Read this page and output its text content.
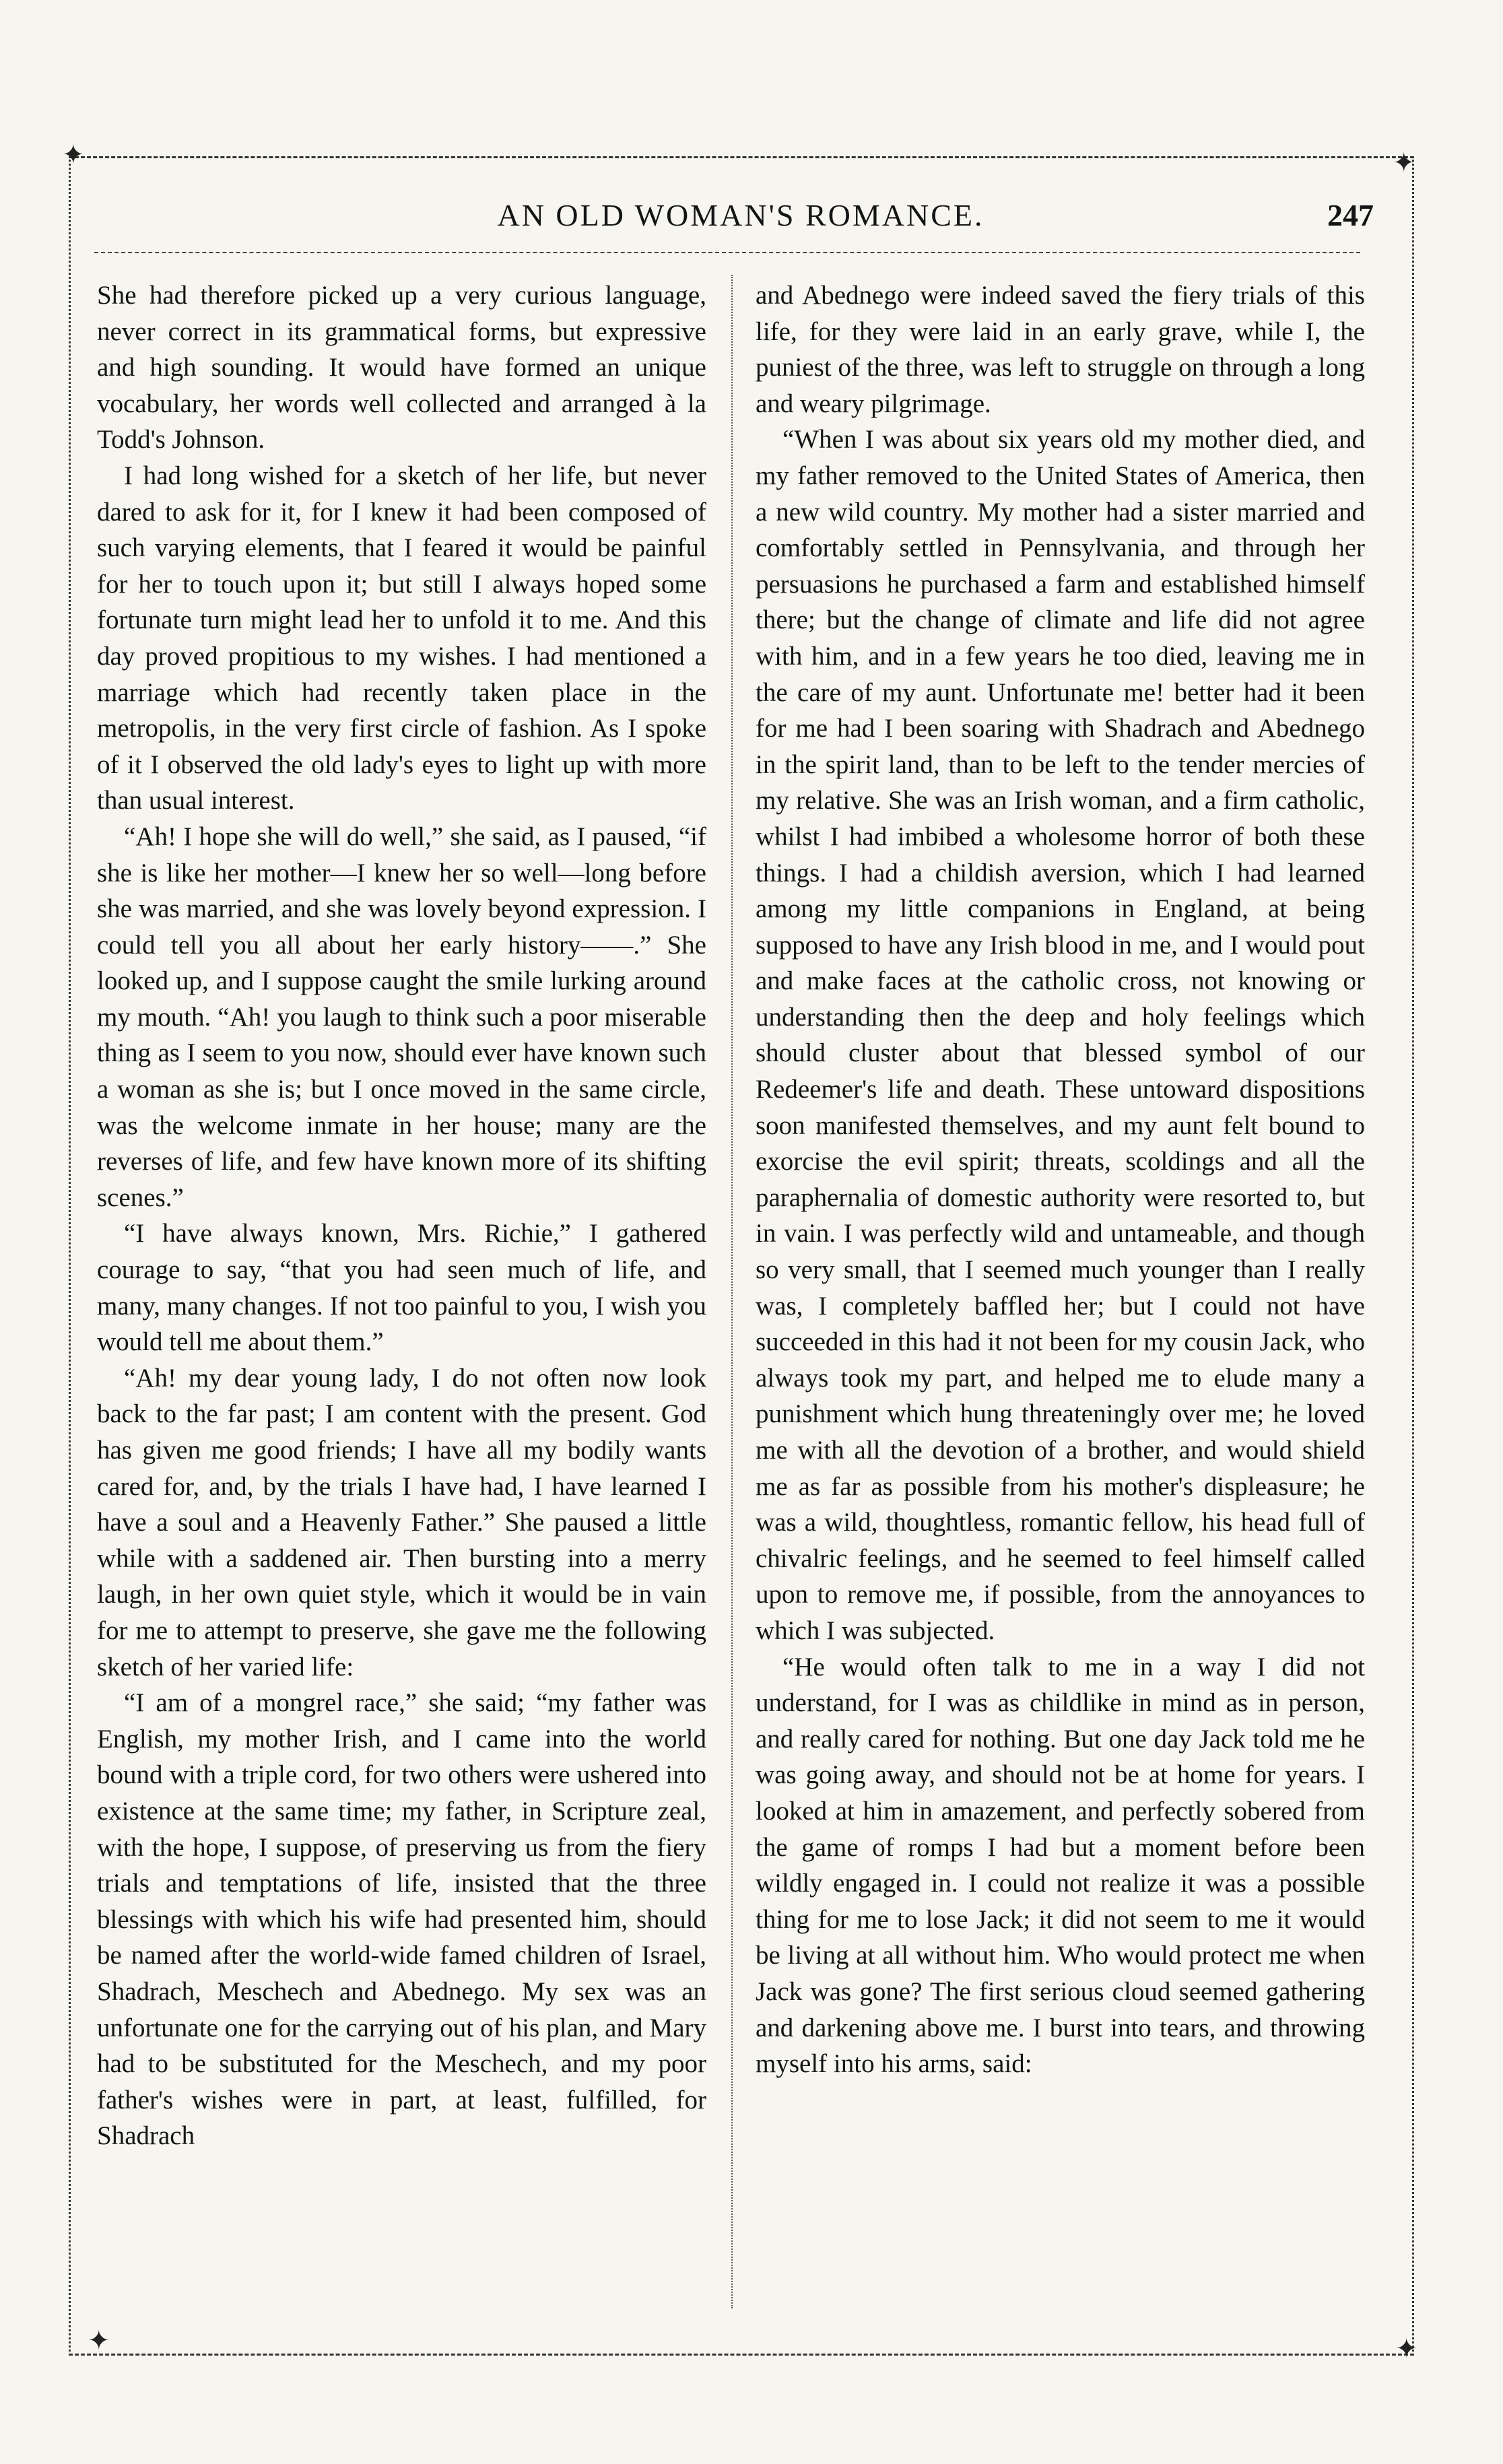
✦	✦
✦	✦
AN OLD WOMAN'S ROMANCE.	247

She had therefore picked up a very curious language, never correct in its grammatical forms, but expressive and high sounding. It would have formed an unique vocabulary, her words well collected and arranged à la Todd's Johnson.

I had long wished for a sketch of her life, but never dared to ask for it, for I knew it had been composed of such varying elements, that I feared it would be painful for her to touch upon it; but still I always hoped some fortunate turn might lead her to unfold it to me. And this day proved propitious to my wishes. I had mentioned a marriage which had recently taken place in the metropolis, in the very first circle of fashion. As I spoke of it I observed the old lady's eyes to light up with more than usual interest.

“Ah! I hope she will do well,” she said, as I paused, “if she is like her mother—I knew her so well—long before she was married, and she was lovely beyond expression. I could tell you all about her early history——.” She looked up, and I suppose caught the smile lurking around my mouth. “Ah! you laugh to think such a poor miserable thing as I seem to you now, should ever have known such a woman as she is; but I once moved in the same circle, was the welcome inmate in her house; many are the reverses of life, and few have known more of its shifting scenes.”

“I have always known, Mrs. Richie,” I gathered courage to say, “that you had seen much of life, and many, many changes. If not too painful to you, I wish you would tell me about them.”

“Ah! my dear young lady, I do not often now look back to the far past; I am content with the present. God has given me good friends; I have all my bodily wants cared for, and, by the trials I have had, I have learned I have a soul and a Heavenly Father.” She paused a little while with a saddened air. Then bursting into a merry laugh, in her own quiet style, which it would be in vain for me to attempt to preserve, she gave me the following sketch of her varied life:

“I am of a mongrel race,” she said; “my father was English, my mother Irish, and I came into the world bound with a triple cord, for two others were ushered into existence at the same time; my father, in Scripture zeal, with the hope, I suppose, of preserving us from the fiery trials and temptations of life, insisted that the three blessings with which his wife had presented him, should be named after the world-wide famed children of Israel, Shadrach, Meschech and Abednego. My sex was an unfortunate one for the carrying out of his plan, and Mary had to be substituted for the Meschech, and my poor father's wishes were in part, at least, fulfilled, for Shadrach

and Abednego were indeed saved the fiery trials of this life, for they were laid in an early grave, while I, the puniest of the three, was left to struggle on through a long and weary pilgrimage.

“When I was about six years old my mother died, and my father removed to the United States of America, then a new wild country. My mother had a sister married and comfortably settled in Pennsylvania, and through her persuasions he purchased a farm and established himself there; but the change of climate and life did not agree with him, and in a few years he too died, leaving me in the care of my aunt. Unfortunate me! better had it been for me had I been soaring with Shadrach and Abednego in the spirit land, than to be left to the tender mercies of my relative. She was an Irish woman, and a firm catholic, whilst I had imbibed a wholesome horror of both these things. I had a childish aversion, which I had learned among my little companions in England, at being supposed to have any Irish blood in me, and I would pout and make faces at the catholic cross, not knowing or understanding then the deep and holy feelings which should cluster about that blessed symbol of our Redeemer's life and death. These untoward dispositions soon manifested themselves, and my aunt felt bound to exorcise the evil spirit; threats, scoldings and all the paraphernalia of domestic authority were resorted to, but in vain. I was perfectly wild and untameable, and though so very small, that I seemed much younger than I really was, I completely baffled her; but I could not have succeeded in this had it not been for my cousin Jack, who always took my part, and helped me to elude many a punishment which hung threateningly over me; he loved me with all the devotion of a brother, and would shield me as far as possible from his mother's displeasure; he was a wild, thoughtless, romantic fellow, his head full of chivalric feelings, and he seemed to feel himself called upon to remove me, if possible, from the annoyances to which I was subjected.

“He would often talk to me in a way I did not understand, for I was as childlike in mind as in person, and really cared for nothing. But one day Jack told me he was going away, and should not be at home for years. I looked at him in amazement, and perfectly sobered from the game of romps I had but a moment before been wildly engaged in. I could not realize it was a possible thing for me to lose Jack; it did not seem to me it would be living at all without him. Who would protect me when Jack was gone? The first serious cloud seemed gathering and darkening above me. I burst into tears, and throwing myself into his arms, said:
